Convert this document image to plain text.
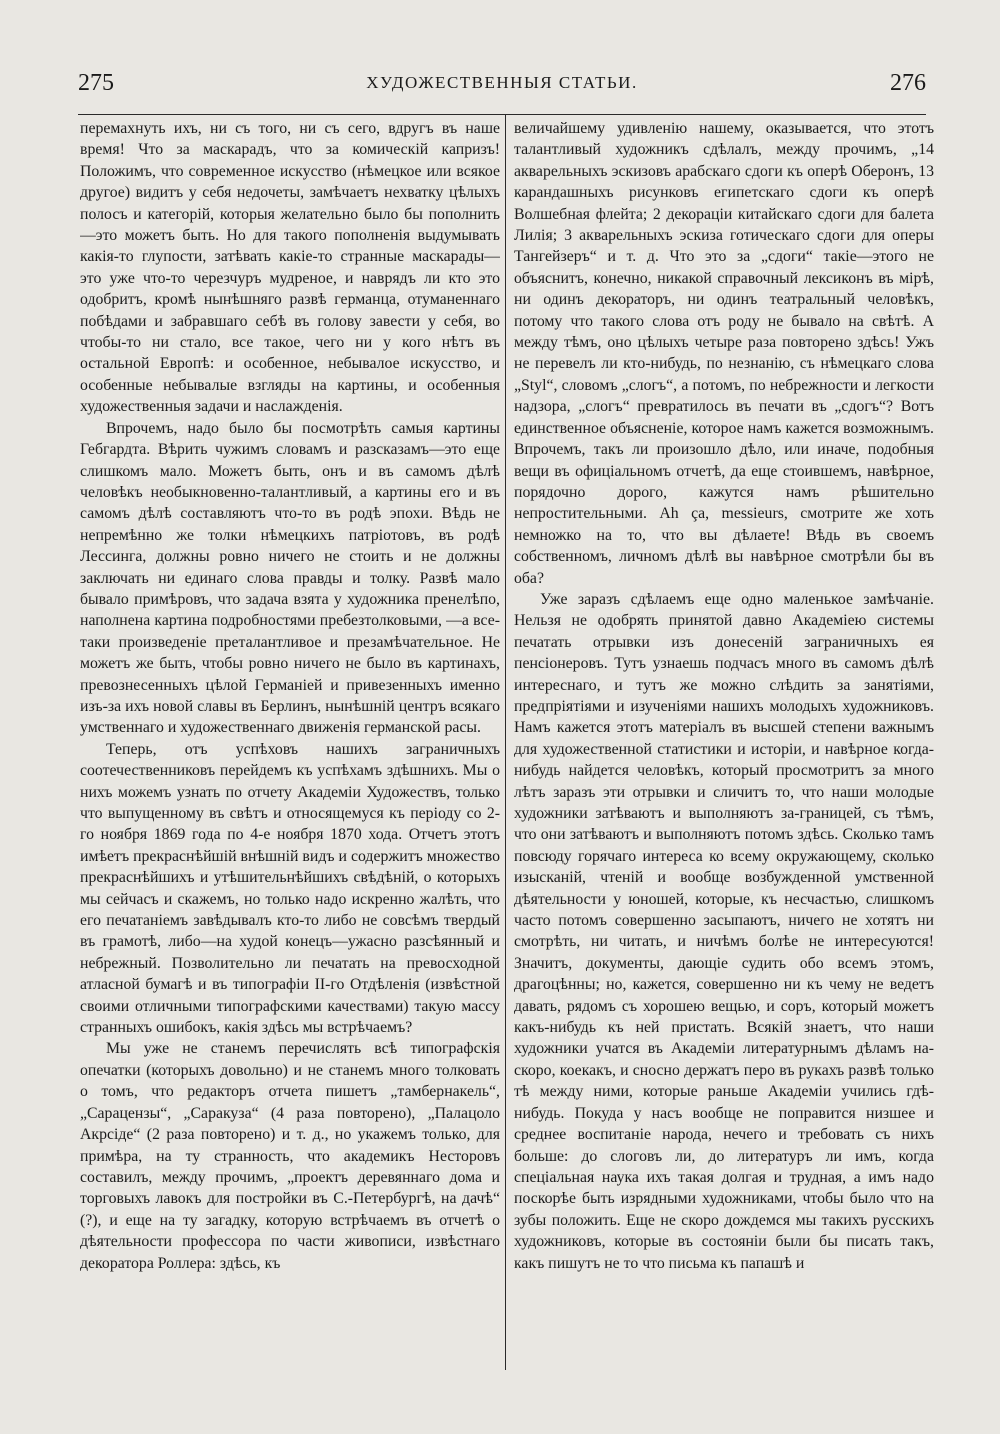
275	ХУДОЖЕСТВЕННЫЯ СТАТЬИ.	276

перемахнуть ихъ, ни съ того, ни съ сего, вдругъ въ наше время! Что за маскарадъ, что за комическій капризъ! Положимъ, что современное искусство (нѣмецкое или всякое другое) видитъ у себя недочеты, замѣчаетъ нехватку цѣлыхъ полосъ и категорій, которыя желательно было бы пополнить—это можетъ быть. Но для такого пополненія выдумывать какія-то глупости, затѣвать какіе-то странные маскарады—это уже что-то черезчуръ мудреное, и наврядъ ли кто это одобритъ, кромѣ нынѣшняго развѣ германца, отуманеннаго побѣдами и забравшаго себѣ въ голову завести у себя, во чтобы-то ни стало, все такое, чего ни у кого нѣтъ въ остальной Европѣ: и особенное, небывалое искусство, и особенные небывалые взгляды на картины, и особенныя художественныя задачи и наслажденія.

Впрочемъ, надо было бы посмотрѣть самыя картины Гебгардта. Вѣрить чужимъ словамъ и разсказамъ—это еще слишкомъ мало. Можетъ быть, онъ и въ самомъ дѣлѣ человѣкъ необыкновенно-талантливый, а картины его и въ самомъ дѣлѣ составляютъ что-то въ родѣ эпохи. Вѣдь не непремѣнно же толки нѣмецкихъ патріотовъ, въ родѣ Лессинга, должны ровно ничего не стоить и не должны заключать ни единаго слова правды и толку. Развѣ мало бывало примѣровъ, что задача взята у художника пренелѣпо, наполнена картина подробностями пребезтолковыми, —а все-таки произведеніе преталантливое и презамѣчательное. Не можетъ же быть, чтобы ровно ничего не было въ картинахъ, превознесенныхъ цѣлой Германіей и привезенныхъ именно изъ-за ихъ новой славы въ Берлинъ, нынѣшній центръ всякаго умственнаго и художественнаго движенія германской расы.

Теперь, отъ успѣховъ нашихъ заграничныхъ соотечественниковъ перейдемъ къ успѣхамъ здѣшнихъ. Мы о нихъ можемъ узнать по отчету Академіи Художествъ, только что выпущенному въ свѣтъ и относящемуся къ періоду со 2-го ноября 1869 года по 4-е ноября 1870 хода. Отчетъ этотъ имѣетъ прекраснѣйшій внѣшній видъ и содержитъ множество прекраснѣйшихъ и утѣшительнѣйшихъ свѣдѣній, о которыхъ мы сейчасъ и скажемъ, но только надо искренно жалѣть, что его печатаніемъ завѣдывалъ кто-то либо не совсѣмъ твердый въ грамотѣ, либо—на худой конецъ—ужасно разсѣянный и небрежный. Позволительно ли печатать на превосходной атласной бумагѣ и въ типографіи II-го Отдѣленія (извѣстной своими отличными типографскими качествами) такую массу странныхъ ошибокъ, какія здѣсь мы встрѣчаемъ?

Мы уже не станемъ перечислять всѣ типографскія опечатки (которыхъ довольно) и не станемъ много толковать о томъ, что редакторъ отчета пишетъ „тамбернакель“, „Сарацензы“, „Саракуза“ (4 раза повторено), „Палацоло Акрсіде“ (2 раза повторено) и т. д., но укажемъ только, для примѣра, на ту странность, что академикъ Несторовъ составилъ, между прочимъ, „проектъ деревяннаго дома и торговыхъ лавокъ для постройки въ С.-Петербургѣ, на дачѣ“ (?), и еще на ту загадку, которую встрѣчаемъ въ отчетѣ о дѣятельности профессора по части живописи, извѣстнаго декоратора Роллера: здѣсь, къ

величайшему удивленію нашему, оказывается, что этотъ талантливый художникъ сдѣлалъ, между прочимъ, „14 акварельныхъ эскизовъ арабскаго сдоги къ оперѣ Оберонъ, 13 карандашныхъ рисунковъ египетскаго сдоги къ оперѣ Волшебная флейта; 2 декораціи китайскаго сдоги для балета Лилія; 3 акварельныхъ эскиза готическаго сдоги для оперы Тангейзеръ“ и т. д. Что это за „сдоги“ такіе—этого не объяснитъ, конечно, никакой справочный лексиконъ въ мірѣ, ни одинъ декораторъ, ни одинъ театральный человѣкъ, потому что такого слова отъ роду не бывало на свѣтѣ. А между тѣмъ, оно цѣлыхъ четыре раза повторено здѣсь! Ужъ не перевелъ ли кто-нибудь, по незнанію, съ нѣмецкаго слова „Styl“, словомъ „слогъ“, а потомъ, по небрежности и легкости надзора, „слогъ“ превратилось въ печати въ „сдогъ“? Вотъ единственное объясненіе, которое намъ кажется возможнымъ. Впрочемъ, такъ ли произошло дѣло, или иначе, подобныя вещи въ офиціальномъ отчетѣ, да еще стоившемъ, навѣрное, порядочно дорого, кажутся намъ рѣшительно непростительными. Ah ça, messieurs, смотрите же хоть немножко на то, что вы дѣлаете! Вѣдь въ своемъ собственномъ, личномъ дѣлѣ вы навѣрное смотрѣли бы въ оба?

Уже заразъ сдѣлаемъ еще одно маленькое замѣчаніе. Нельзя не одобрять принятой давно Академіею системы печатать отрывки изъ донесеній заграничныхъ ея пенсіонеровъ. Тутъ узнаешь подчасъ много въ самомъ дѣлѣ интереснаго, и тутъ же можно слѣдить за занятіями, предпріятіями и изученіями нашихъ молодыхъ художниковъ. Намъ кажется этотъ матеріалъ въ высшей степени важнымъ для художественной статистики и исторіи, и навѣрное когда-нибудь найдется человѣкъ, который просмотритъ за много лѣтъ заразъ эти отрывки и сличитъ то, что наши молодые художники затѣваютъ и выполняютъ за-границей, съ тѣмъ, что они затѣваютъ и выполняютъ потомъ здѣсь. Сколько тамъ повсюду горячаго интереса ко всему окружающему, сколько изысканій, чтеній и вообще возбужденной умственной дѣятельности у юношей, которые, къ несчастью, слишкомъ часто потомъ совершенно засыпаютъ, ничего не хотятъ ни смотрѣть, ни читать, и ничѣмъ болѣе не интересуются! Значитъ, документы, дающіе судить обо всемъ этомъ, драгоцѣнны; но, кажется, совершенно ни къ чему не ведетъ давать, рядомъ съ хорошею вещью, и соръ, который можетъ какъ-нибудь къ ней пристать. Всякій знаетъ, что наши художники учатся въ Академіи литературнымъ дѣламъ на-скоро, коекакъ, и сносно держатъ перо въ рукахъ развѣ только тѣ между ними, которые раньше Академіи учились гдѣ-нибудь. Покуда у насъ вообще не поправится низшее и среднее воспитаніе народа, нечего и требовать съ нихъ больше: до слоговъ ли, до литературъ ли имъ, когда спеціальная наука ихъ такая долгая и трудная, а имъ надо поскорѣе быть изрядными художниками, чтобы было что на зубы положить. Еще не скоро дождемся мы такихъ русскихъ художниковъ, которые въ состояніи были бы писать такъ, какъ пишутъ не то что письма къ папашѣ и
